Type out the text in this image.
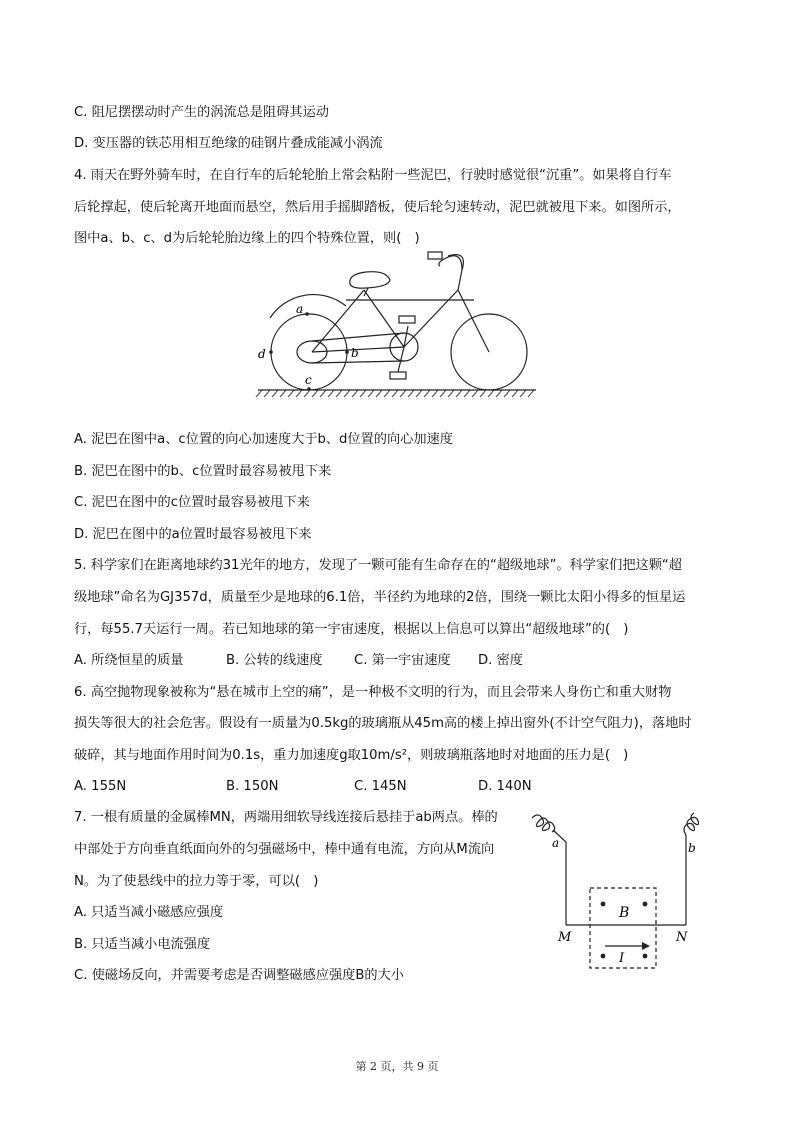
C. 阻尼摆摆动时产生的涡流总是阻碍其运动
D. 变压器的铁芯用相互绝缘的硅钢片叠成能减小涡流
4. 雨天在野外骑车时，在自行车的后轮轮胎上常会粘附一些泥巴，行驶时感觉很“沉重”。如果将自行车
后轮撑起，使后轮离开地面而悬空，然后用手摇脚踏板，使后轮匀速转动，泥巴就被甩下来。如图所示，
图中a、b、c、d为后轮轮胎边缘上的四个特殊位置，则(　)
A. 泥巴在图中a、c位置的向心加速度大于b、d位置的向心加速度
B. 泥巴在图中的b、c位置时最容易被甩下来
C. 泥巴在图中的c位置时最容易被甩下来
D. 泥巴在图中的a位置时最容易被甩下来
5. 科学家们在距离地球约31光年的地方，发现了一颗可能有生命存在的“超级地球”。科学家们把这颗“超
级地球”命名为GJ357d，质量至少是地球的6.1倍，半径约为地球的2倍，围绕一颗比太阳小得多的恒星运
行，每55.7天运行一周。若已知地球的第一宇宙速度，根据以上信息可以算出“超级地球”的(　)
6. 高空抛物现象被称为“悬在城市上空的痛”，是一种极不文明的行为，而且会带来人身伤亡和重大财物
损失等很大的社会危害。假设有一质量为0.5kg的玻璃瓶从45m高的楼上掉出窗外(不计空气阻力)，落地时
破碎，其与地面作用时间为0.1s，重力加速度g取10m/s²，则玻璃瓶落地时对地面的压力是(　)
7. 一根有质量的金属棒MN，两端用细软导线连接后悬挂于ab两点。棒的
中部处于方向垂直纸面向外的匀强磁场中，棒中通有电流，方向从M流向
N。为了使悬线中的拉力等于零，可以(　)
A. 只适当减小磁感应强度
B. 只适当减小电流强度
C. 使磁场反向，并需要考虑是否调整磁感应强度B的大小
A. 所绕恒星的质量	B. 公转的线速度 C. 第一宇宙速度 D. 密度
A. 155N	B. 150N	C. 145N	D. 140N
a
b
c
d
a	b
M	N
B
I
第 2 页，共 9 页
